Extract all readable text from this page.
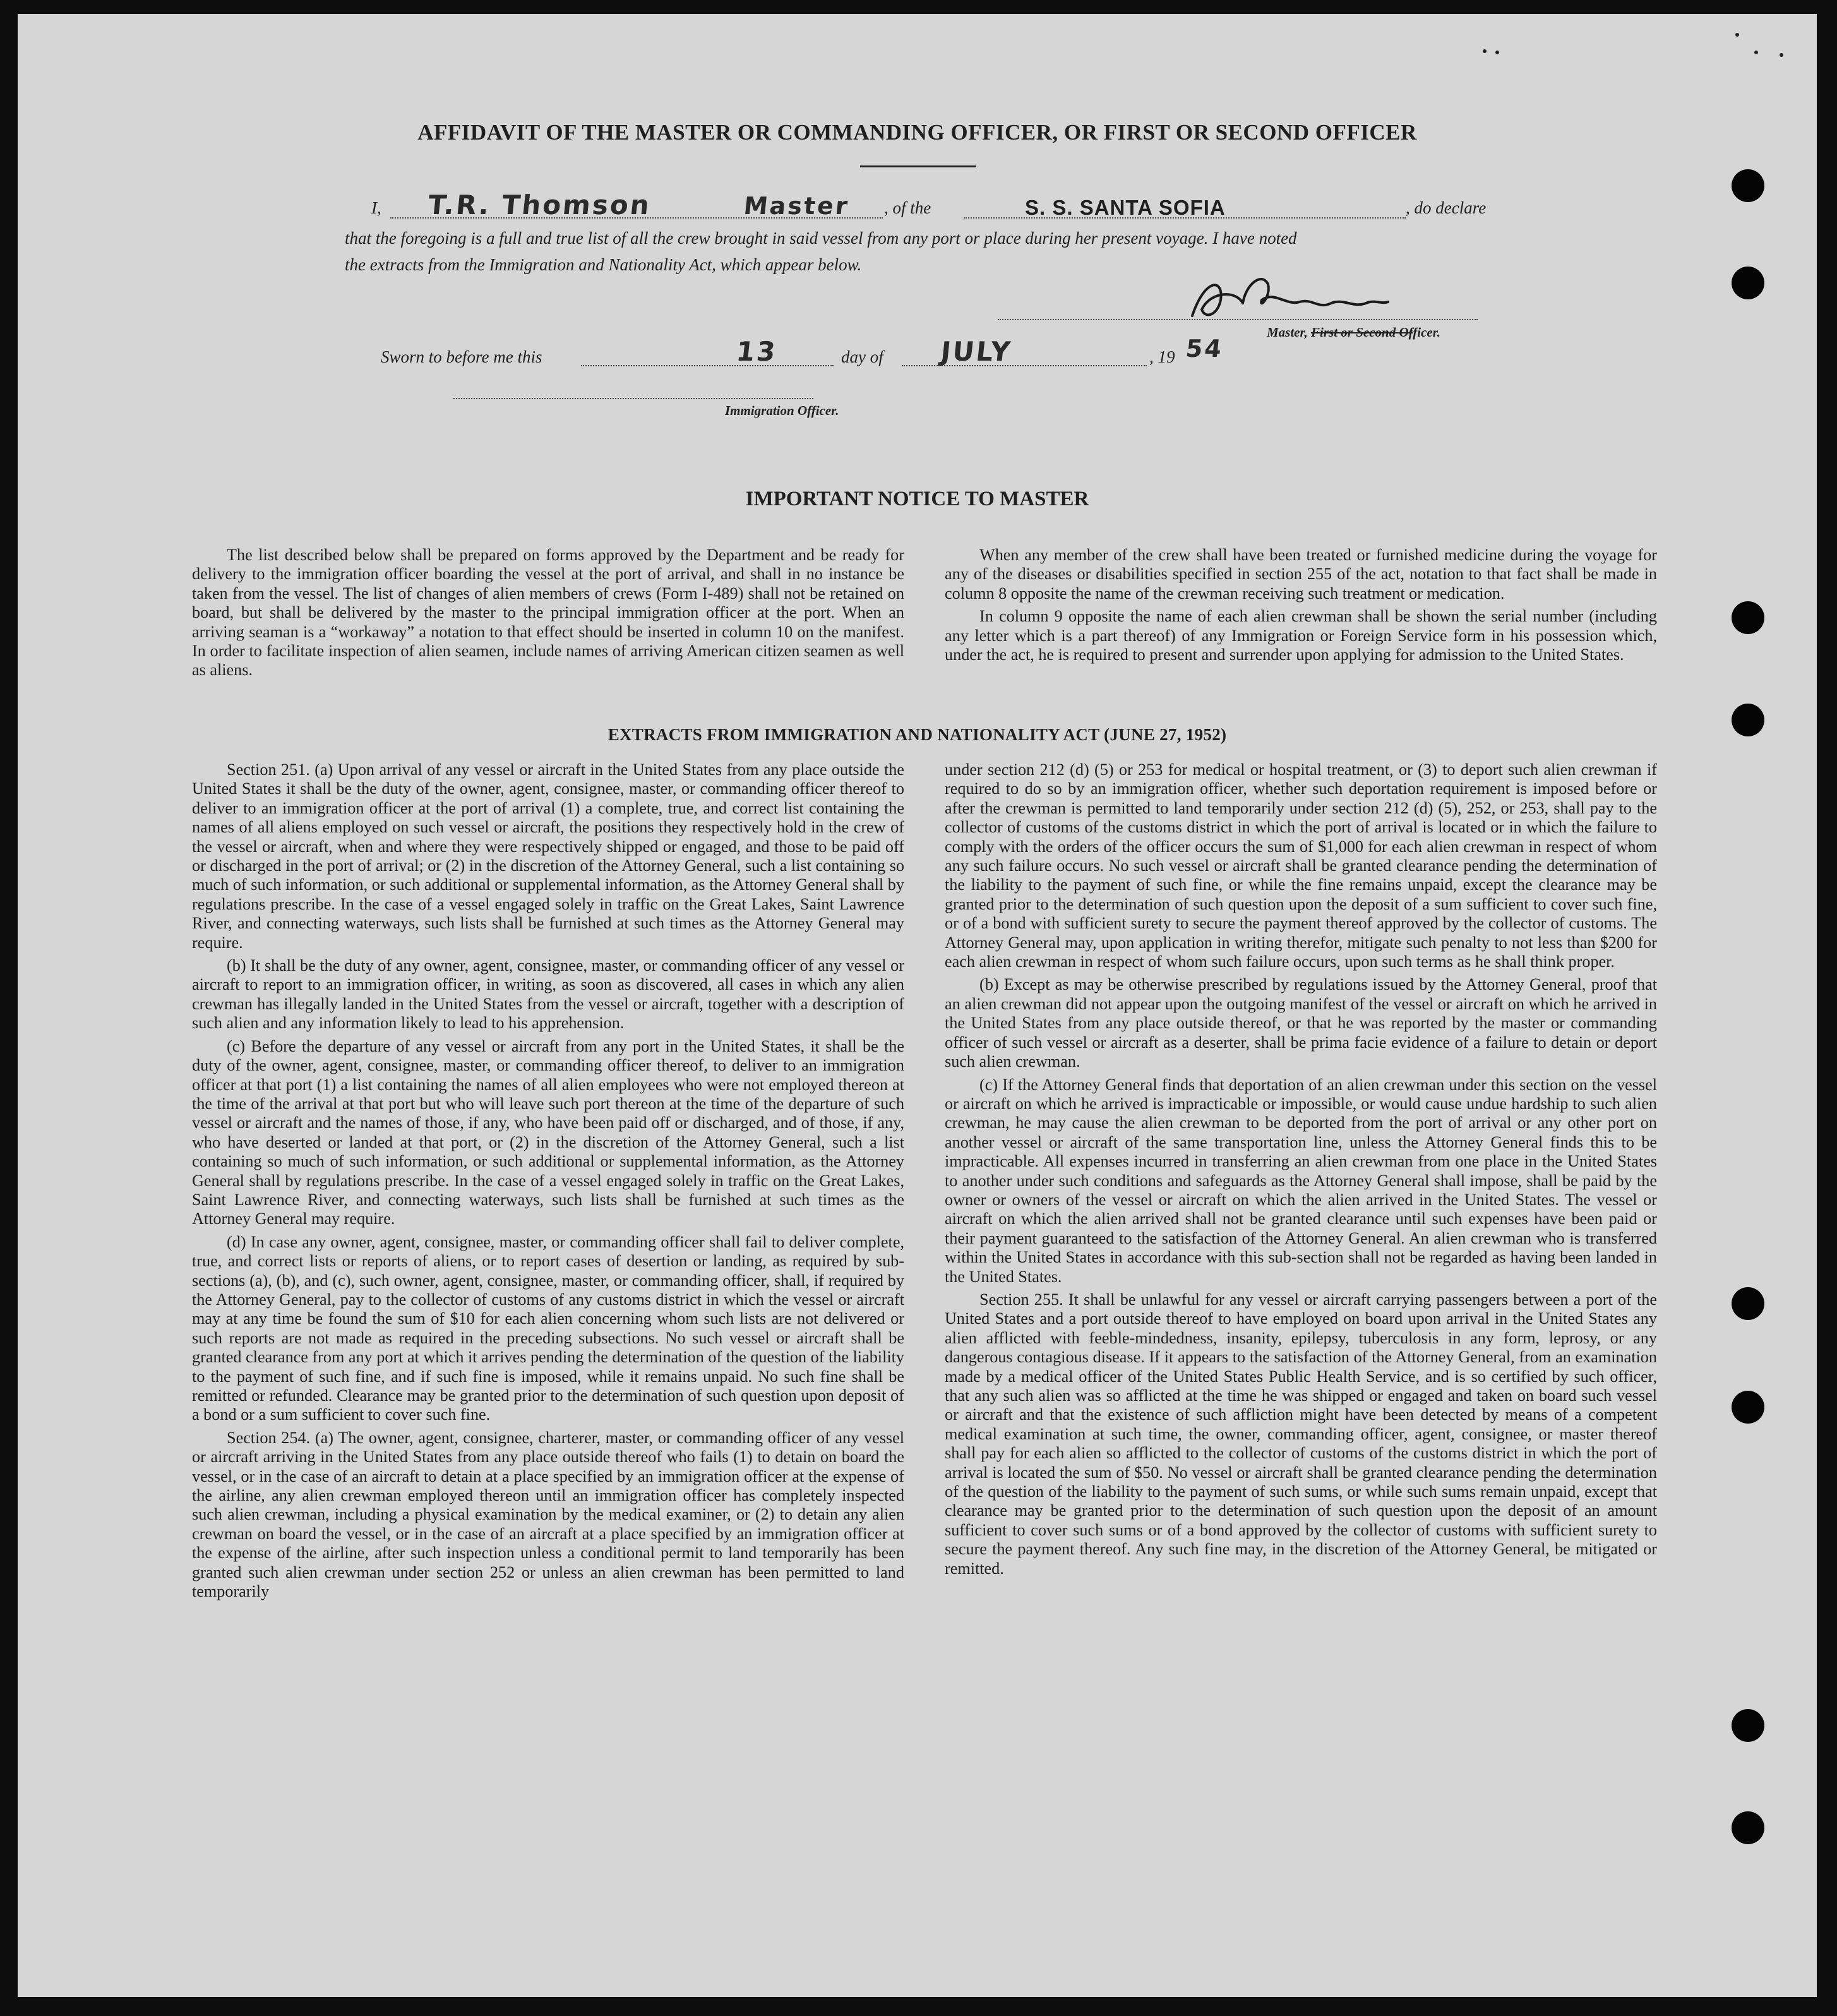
AFFIDAVIT OF THE MASTER OR COMMANDING OFFICER, OR FIRST OR SECOND OFFICER
I, T.R. Thomson	Master , of the	S. S. SANTA SOFIA	, do declare
that the foregoing is a full and true list of all the crew brought in said vessel from any port or place during her present voyage. I have noted
the extracts from the Immigration and Nationality Act, which appear below.
Master, First or Second Officer.
Sworn to before me this	13	day of JULY	, 19 54
Immigration Officer.
IMPORTANT NOTICE TO MASTER

The list described below shall be prepared on forms approved by the Department and be ready for delivery to the immigration officer boarding the vessel at the port of arrival, and shall in no instance be taken from the vessel. The list of changes of alien members of crews (Form I-489) shall not be retained on board, but shall be delivered by the master to the principal immigration officer at the port. When an arriving seaman is a “workaway” a notation to that effect should be inserted in column 10 on the manifest. In order to facilitate inspection of alien seamen, include names of arriving American citizen seamen as well as aliens.

When any member of the crew shall have been treated or furnished medicine during the voyage for any of the diseases or disabilities specified in section 255 of the act, notation to that fact shall be made in column 8 opposite the name of the crewman receiving such treatment or medication.

In column 9 opposite the name of each alien crewman shall be shown the serial number (including any letter which is a part thereof) of any Immigration or Foreign Service form in his possession which, under the act, he is required to present and surrender upon applying for admission to the United States.

EXTRACTS FROM IMMIGRATION AND NATIONALITY ACT (JUNE 27, 1952)

Section 251. (a) Upon arrival of any vessel or aircraft in the United States from any place outside the United States it shall be the duty of the owner, agent, consignee, master, or commanding officer thereof to deliver to an immigration officer at the port of arrival (1) a complete, true, and correct list containing the names of all aliens employed on such vessel or aircraft, the positions they respectively hold in the crew of the vessel or aircraft, when and where they were respectively shipped or engaged, and those to be paid off or discharged in the port of arrival; or (2) in the discretion of the Attorney General, such a list containing so much of such information, or such additional or supplemental information, as the Attorney General shall by regulations prescribe. In the case of a vessel engaged solely in traffic on the Great Lakes, Saint Lawrence River, and connecting waterways, such lists shall be furnished at such times as the Attorney General may require.

(b) It shall be the duty of any owner, agent, consignee, master, or commanding officer of any vessel or aircraft to report to an immigration officer, in writing, as soon as discovered, all cases in which any alien crewman has illegally landed in the United States from the vessel or aircraft, together with a description of such alien and any information likely to lead to his apprehension.

(c) Before the departure of any vessel or aircraft from any port in the United States, it shall be the duty of the owner, agent, consignee, master, or commanding officer thereof, to deliver to an immigration officer at that port (1) a list containing the names of all alien employees who were not employed thereon at the time of the arrival at that port but who will leave such port thereon at the time of the departure of such vessel or aircraft and the names of those, if any, who have been paid off or discharged, and of those, if any, who have deserted or landed at that port, or (2) in the discretion of the Attorney General, such a list containing so much of such information, or such additional or supplemental information, as the Attorney General shall by regulations prescribe. In the case of a vessel engaged solely in traffic on the Great Lakes, Saint Lawrence River, and connecting waterways, such lists shall be furnished at such times as the Attorney General may require.

(d) In case any owner, agent, consignee, master, or commanding officer shall fail to deliver complete, true, and correct lists or reports of aliens, or to report cases of desertion or landing, as required by sub-sections (a), (b), and (c), such owner, agent, consignee, master, or commanding officer, shall, if required by the Attorney General, pay to the collector of customs of any customs district in which the vessel or aircraft may at any time be found the sum of $10 for each alien concerning whom such lists are not delivered or such reports are not made as required in the preceding subsections. No such vessel or aircraft shall be granted clearance from any port at which it arrives pending the determination of the question of the liability to the payment of such fine, and if such fine is imposed, while it remains unpaid. No such fine shall be remitted or refunded. Clearance may be granted prior to the determination of such question upon deposit of a bond or a sum sufficient to cover such fine.

Section 254. (a) The owner, agent, consignee, charterer, master, or commanding officer of any vessel or aircraft arriving in the United States from any place outside thereof who fails (1) to detain on board the vessel, or in the case of an aircraft to detain at a place specified by an immigration officer at the expense of the airline, any alien crewman employed thereon until an immigration officer has completely inspected such alien crewman, including a physical examination by the medical examiner, or (2) to detain any alien crewman on board the vessel, or in the case of an aircraft at a place specified by an immigration officer at the expense of the airline, after such inspection unless a conditional permit to land temporarily has been granted such alien crewman under section 252 or unless an alien crewman has been permitted to land temporarily

under section 212 (d) (5) or 253 for medical or hospital treatment, or (3) to deport such alien crewman if required to do so by an immigration officer, whether such deportation requirement is imposed before or after the crewman is permitted to land temporarily under section 212 (d) (5), 252, or 253, shall pay to the collector of customs of the customs district in which the port of arrival is located or in which the failure to comply with the orders of the officer occurs the sum of $1,000 for each alien crewman in respect of whom any such failure occurs. No such vessel or aircraft shall be granted clearance pending the determination of the liability to the payment of such fine, or while the fine remains unpaid, except the clearance may be granted prior to the determination of such question upon the deposit of a sum sufficient to cover such fine, or of a bond with sufficient surety to secure the payment thereof approved by the collector of customs. The Attorney General may, upon application in writing therefor, mitigate such penalty to not less than $200 for each alien crewman in respect of whom such failure occurs, upon such terms as he shall think proper.

(b) Except as may be otherwise prescribed by regulations issued by the Attorney General, proof that an alien crewman did not appear upon the outgoing manifest of the vessel or aircraft on which he arrived in the United States from any place outside thereof, or that he was reported by the master or commanding officer of such vessel or aircraft as a deserter, shall be prima facie evidence of a failure to detain or deport such alien crewman.

(c) If the Attorney General finds that deportation of an alien crewman under this section on the vessel or aircraft on which he arrived is impracticable or impossible, or would cause undue hardship to such alien crewman, he may cause the alien crewman to be deported from the port of arrival or any other port on another vessel or aircraft of the same transportation line, unless the Attorney General finds this to be impracticable. All expenses incurred in transferring an alien crewman from one place in the United States to another under such conditions and safeguards as the Attorney General shall impose, shall be paid by the owner or owners of the vessel or aircraft on which the alien arrived in the United States. The vessel or aircraft on which the alien arrived shall not be granted clearance until such expenses have been paid or their payment guaranteed to the satisfaction of the Attorney General. An alien crewman who is transferred within the United States in accordance with this sub-section shall not be regarded as having been landed in the United States.

Section 255. It shall be unlawful for any vessel or aircraft carrying passengers between a port of the United States and a port outside thereof to have employed on board upon arrival in the United States any alien afflicted with feeble-mindedness, insanity, epilepsy, tuberculosis in any form, leprosy, or any dangerous contagious disease. If it appears to the satisfaction of the Attorney General, from an examination made by a medical officer of the United States Public Health Service, and is so certified by such officer, that any such alien was so afflicted at the time he was shipped or engaged and taken on board such vessel or aircraft and that the existence of such affliction might have been detected by means of a competent medical examination at such time, the owner, commanding officer, agent, consignee, or master thereof shall pay for each alien so afflicted to the collector of customs of the customs district in which the port of arrival is located the sum of $50. No vessel or aircraft shall be granted clearance pending the determination of the question of the liability to the payment of such sums, or while such sums remain unpaid, except that clearance may be granted prior to the determination of such question upon the deposit of an amount sufficient to cover such sums or of a bond approved by the collector of customs with sufficient surety to secure the payment thereof. Any such fine may, in the discretion of the Attorney General, be mitigated or remitted.
